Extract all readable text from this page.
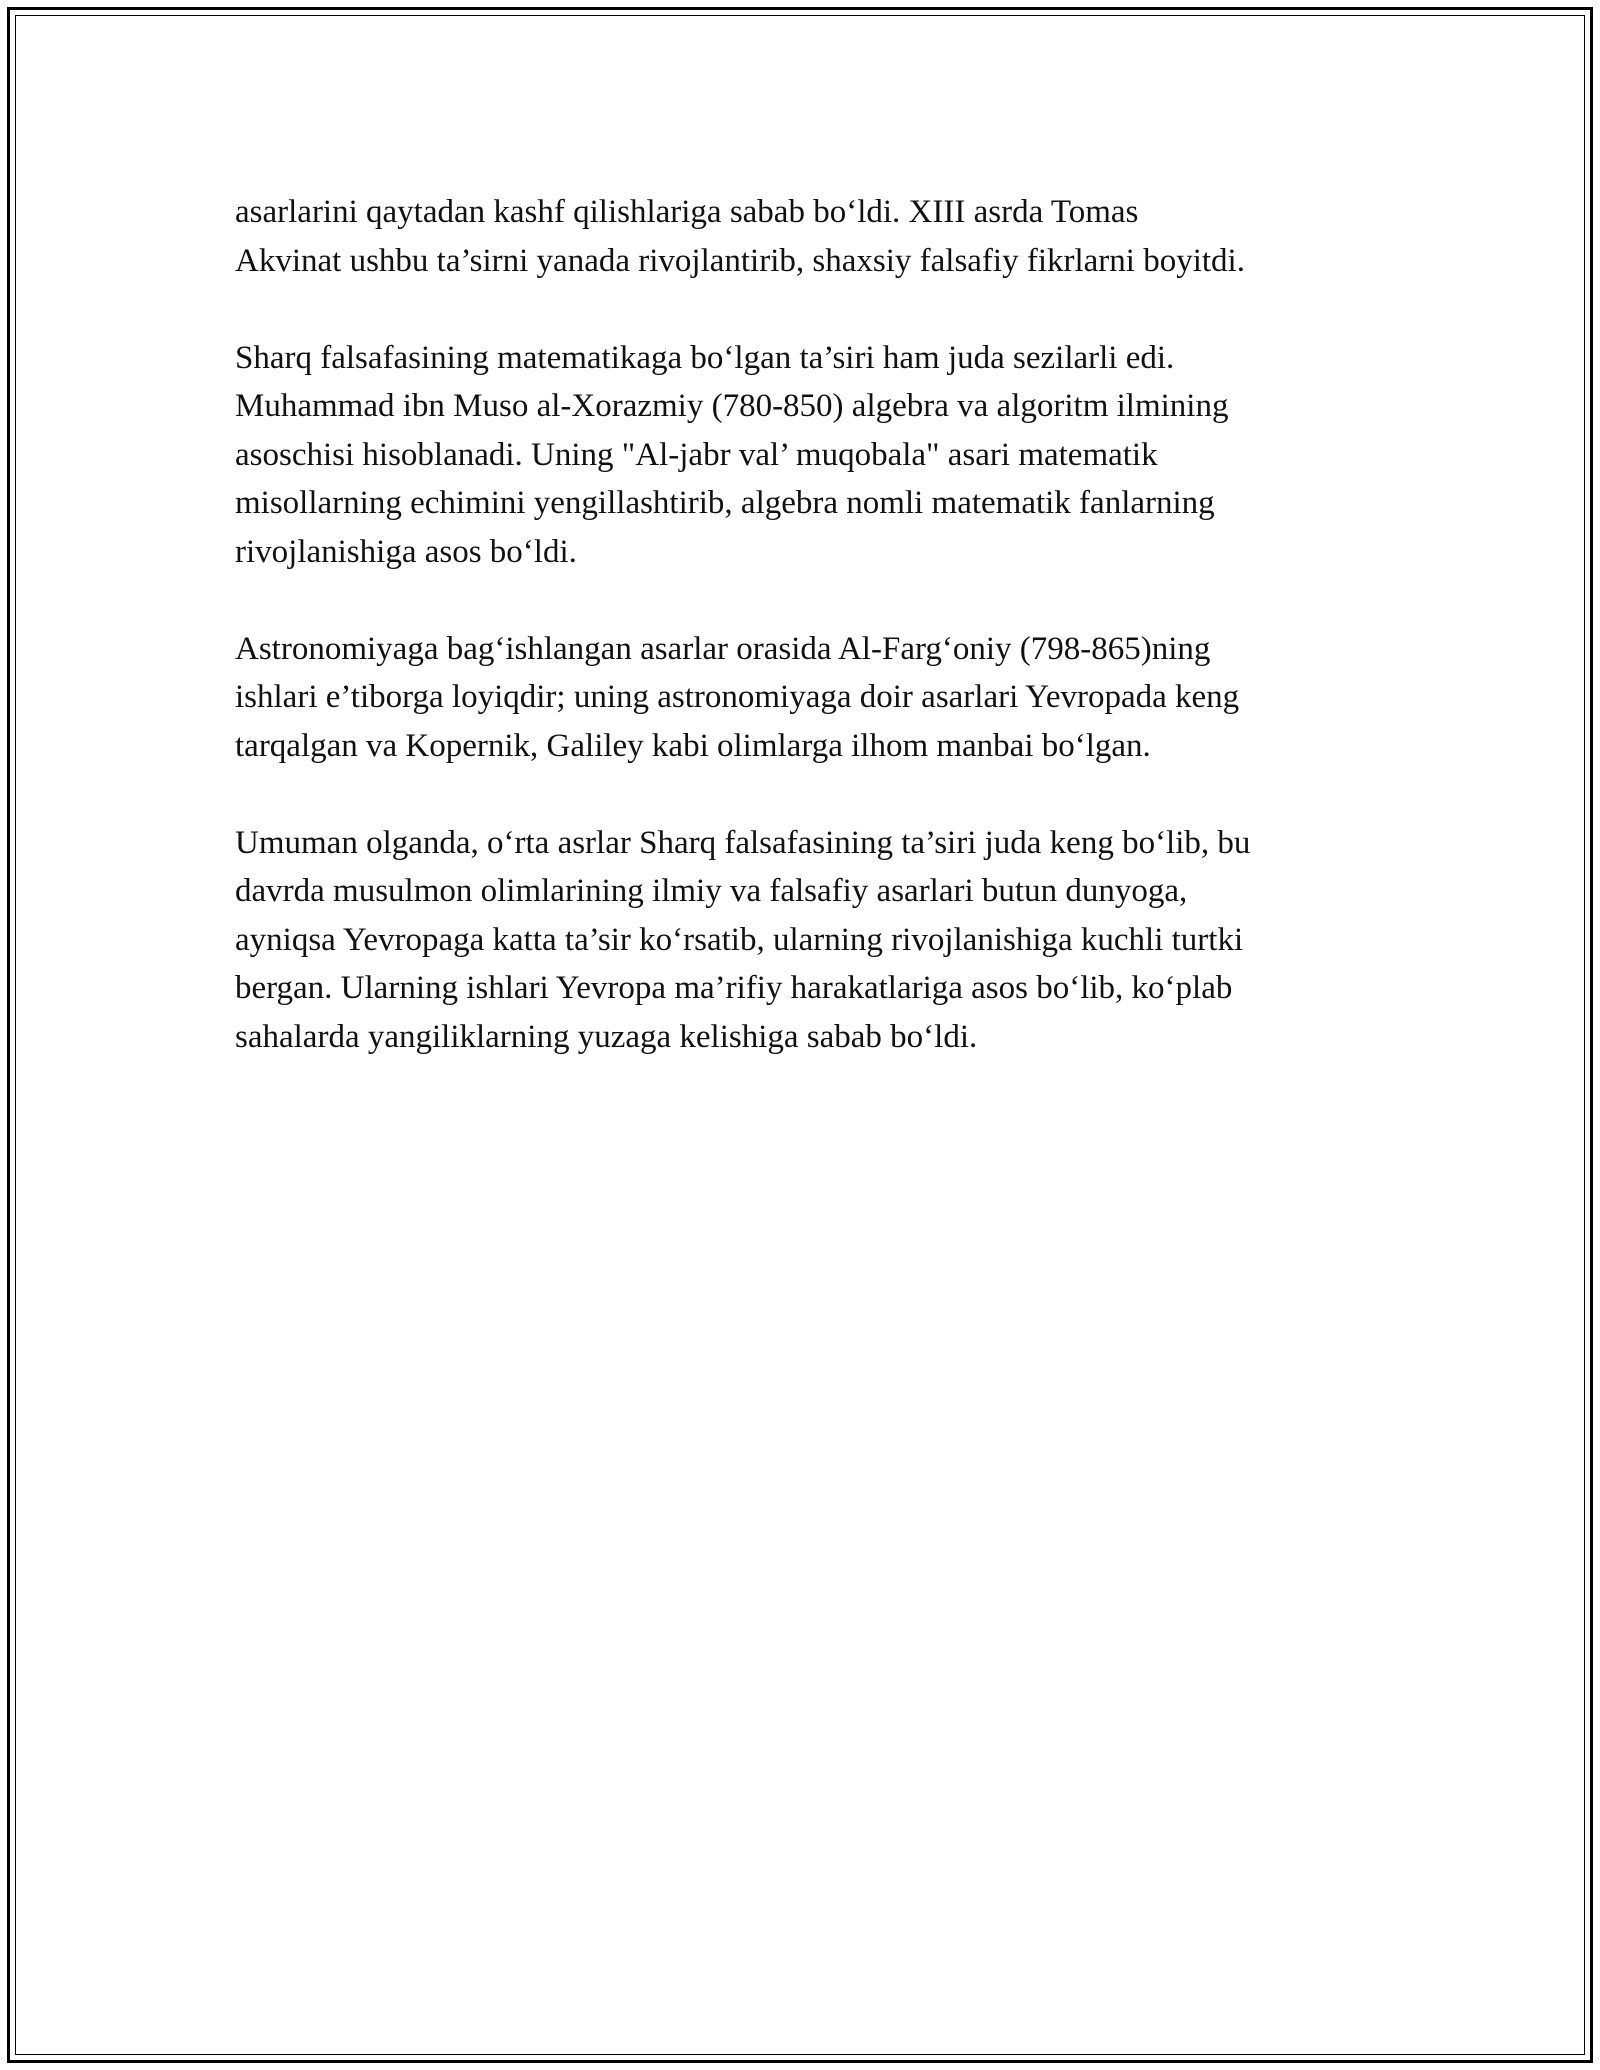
asarlarini qaytadan kashf qilishlariga sabab bo‘ldi. XIII asrda Tomas
Akvinat ushbu ta’sirni yanada rivojlantirib, shaxsiy falsafiy fikrlarni boyitdi.

Sharq falsafasining matematikaga bo‘lgan ta’siri ham juda sezilarli edi.
Muhammad ibn Muso al-Xorazmiy (780-850) algebra va algoritm ilmining
asoschisi hisoblanadi. Uning "Al-jabr val’ muqobala" asari matematik
misollarning echimini yengillashtirib, algebra nomli matematik fanlarning
rivojlanishiga asos bo‘ldi.

Astronomiyaga bag‘ishlangan asarlar orasida Al-Farg‘oniy (798-865)ning
ishlari e’tiborga loyiqdir; uning astronomiyaga doir asarlari Yevropada keng
tarqalgan va Kopernik, Galiley kabi olimlarga ilhom manbai bo‘lgan.

Umuman olganda, o‘rta asrlar Sharq falsafasining ta’siri juda keng bo‘lib, bu
davrda musulmon olimlarining ilmiy va falsafiy asarlari butun dunyoga,
ayniqsa Yevropaga katta ta’sir ko‘rsatib, ularning rivojlanishiga kuchli turtki
bergan. Ularning ishlari Yevropa ma’rifiy harakatlariga asos bo‘lib, ko‘plab
sahalarda yangiliklarning yuzaga kelishiga sabab bo‘ldi.
